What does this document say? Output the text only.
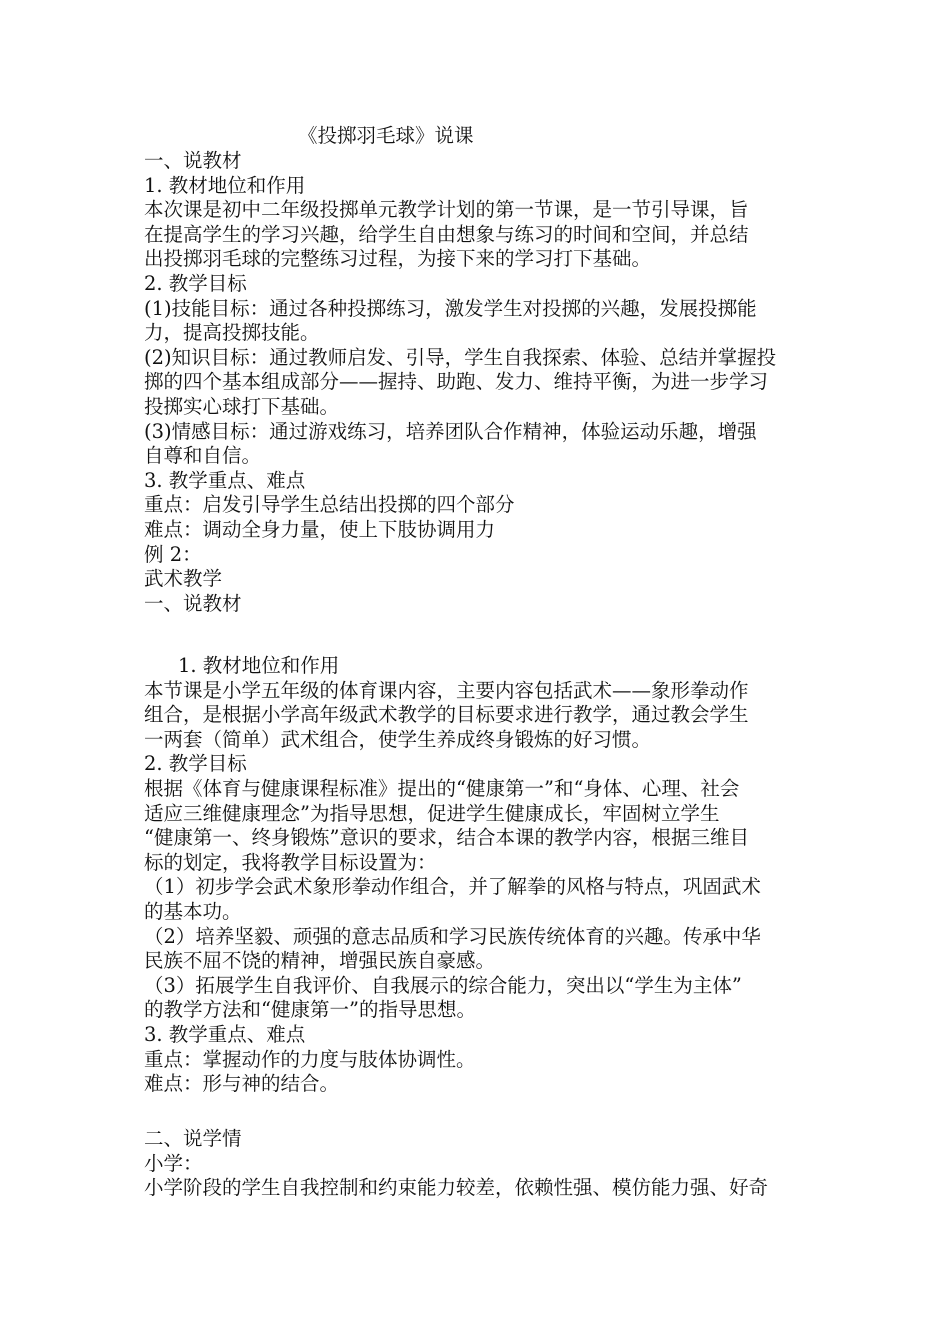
《投掷羽毛球》说课
一、说教材
1. 教材地位和作用
本次课是初中二年级投掷单元教学计划的第一节课，是一节引导课，旨
在提高学生的学习兴趣，给学生自由想象与练习的时间和空间，并总结
出投掷羽毛球的完整练习过程，为接下来的学习打下基础。
2. 教学目标
(1)技能目标：通过各种投掷练习，激发学生对投掷的兴趣，发展投掷能
力，提高投掷技能。
(2)知识目标：通过教师启发、引导，学生自我探索、体验、总结并掌握投
掷的四个基本组成部分——握持、助跑、发力、维持平衡，为进一步学习
投掷实心球打下基础。
(3)情感目标：通过游戏练习，培养团队合作精神，体验运动乐趣，增强
自尊和自信。
3. 教学重点、难点
重点：启发引导学生总结出投掷的四个部分
难点：调动全身力量，使上下肢协调用力
例 2：
武术教学
一、说教材
1. 教材地位和作用
本节课是小学五年级的体育课内容，主要内容包括武术——象形拳动作
组合，是根据小学高年级武术教学的目标要求进行教学，通过教会学生
一两套（简单）武术组合，使学生养成终身锻炼的好习惯。
2. 教学目标
根据《体育与健康课程标准》提出的“健康第一”和“身体、心理、社会
适应三维健康理念”为指导思想，促进学生健康成长，牢固树立学生
“健康第一、终身锻炼”意识的要求，结合本课的教学内容，根据三维目
标的划定，我将教学目标设置为：
（1）初步学会武术象形拳动作组合，并了解拳的风格与特点，巩固武术
的基本功。
（2）培养坚毅、顽强的意志品质和学习民族传统体育的兴趣。传承中华
民族不屈不饶的精神，增强民族自豪感。
（3）拓展学生自我评价、自我展示的综合能力，突出以“学生为主体”
的教学方法和“健康第一”的指导思想。
3. 教学重点、难点
重点：掌握动作的力度与肢体协调性。
难点：形与神的结合。
二、说学情
小学：
小学阶段的学生自我控制和约束能力较差，依赖性强、模仿能力强、好奇
